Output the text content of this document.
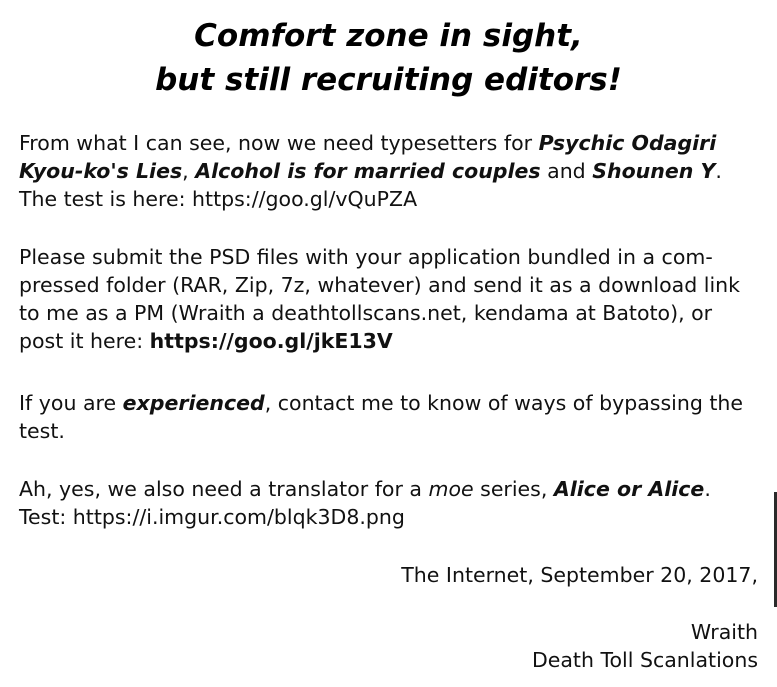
Comfort zone in sight,
but still recruiting editors!

From what I can see, now we need typesetters for Psychic Odagiri Kyou-ko's Lies, Alcohol is for married couples and Shounen Y. The test is here: https://goo.gl/vQuPZA

Please submit the PSD files with your application bundled in a com-pressed folder (RAR, Zip, 7z, whatever) and send it as a download link to me as a PM (Wraith a deathtollscans.net, kendama at Batoto), or post it here: https://goo.gl/jkE13V

If you are experienced, contact me to know of ways of bypassing the test.

Ah, yes, we also need a translator for a moe series, Alice or Alice. Test: https://i.imgur.com/blqk3D8.png

The Internet, September 20, 2017,
Wraith
Death Toll Scanlations
